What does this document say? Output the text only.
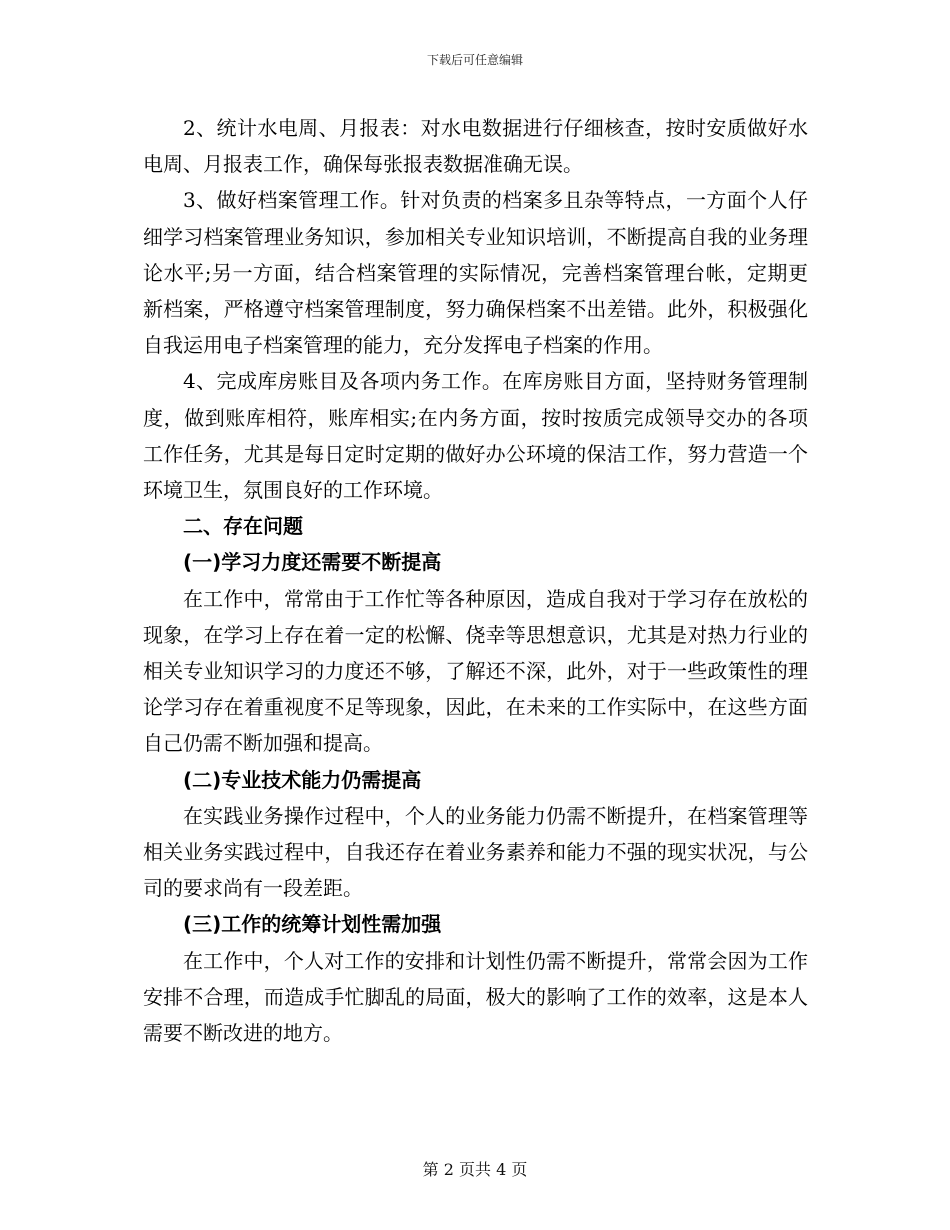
下载后可任意编辑

2、统计水电周、月报表：对水电数据进行仔细核查，按时安质做好水电周、月报表工作，确保每张报表数据准确无误。

3、做好档案管理工作。针对负责的档案多且杂等特点，一方面个人仔细学习档案管理业务知识，参加相关专业知识培训，不断提高自我的业务理论水平;另一方面，结合档案管理的实际情况，完善档案管理台帐，定期更新档案，严格遵守档案管理制度，努力确保档案不出差错。此外，积极强化自我运用电子档案管理的能力，充分发挥电子档案的作用。

4、完成库房账目及各项内务工作。在库房账目方面，坚持财务管理制度，做到账库相符，账库相实;在内务方面，按时按质完成领导交办的各项工作任务，尤其是每日定时定期的做好办公环境的保洁工作，努力营造一个环境卫生，氛围良好的工作环境。

二、存在问题
(一)学习力度还需要不断提高

在工作中，常常由于工作忙等各种原因，造成自我对于学习存在放松的现象，在学习上存在着一定的松懈、侥幸等思想意识，尤其是对热力行业的相关专业知识学习的力度还不够，了解还不深，此外，对于一些政策性的理论学习存在着重视度不足等现象，因此，在未来的工作实际中，在这些方面自己仍需不断加强和提高。

(二)专业技术能力仍需提高

在实践业务操作过程中，个人的业务能力仍需不断提升，在档案管理等相关业务实践过程中，自我还存在着业务素养和能力不强的现实状况，与公司的要求尚有一段差距。

(三)工作的统筹计划性需加强

在工作中，个人对工作的安排和计划性仍需不断提升，常常会因为工作安排不合理，而造成手忙脚乱的局面，极大的影响了工作的效率，这是本人需要不断改进的地方。

第 2 页共 4 页
